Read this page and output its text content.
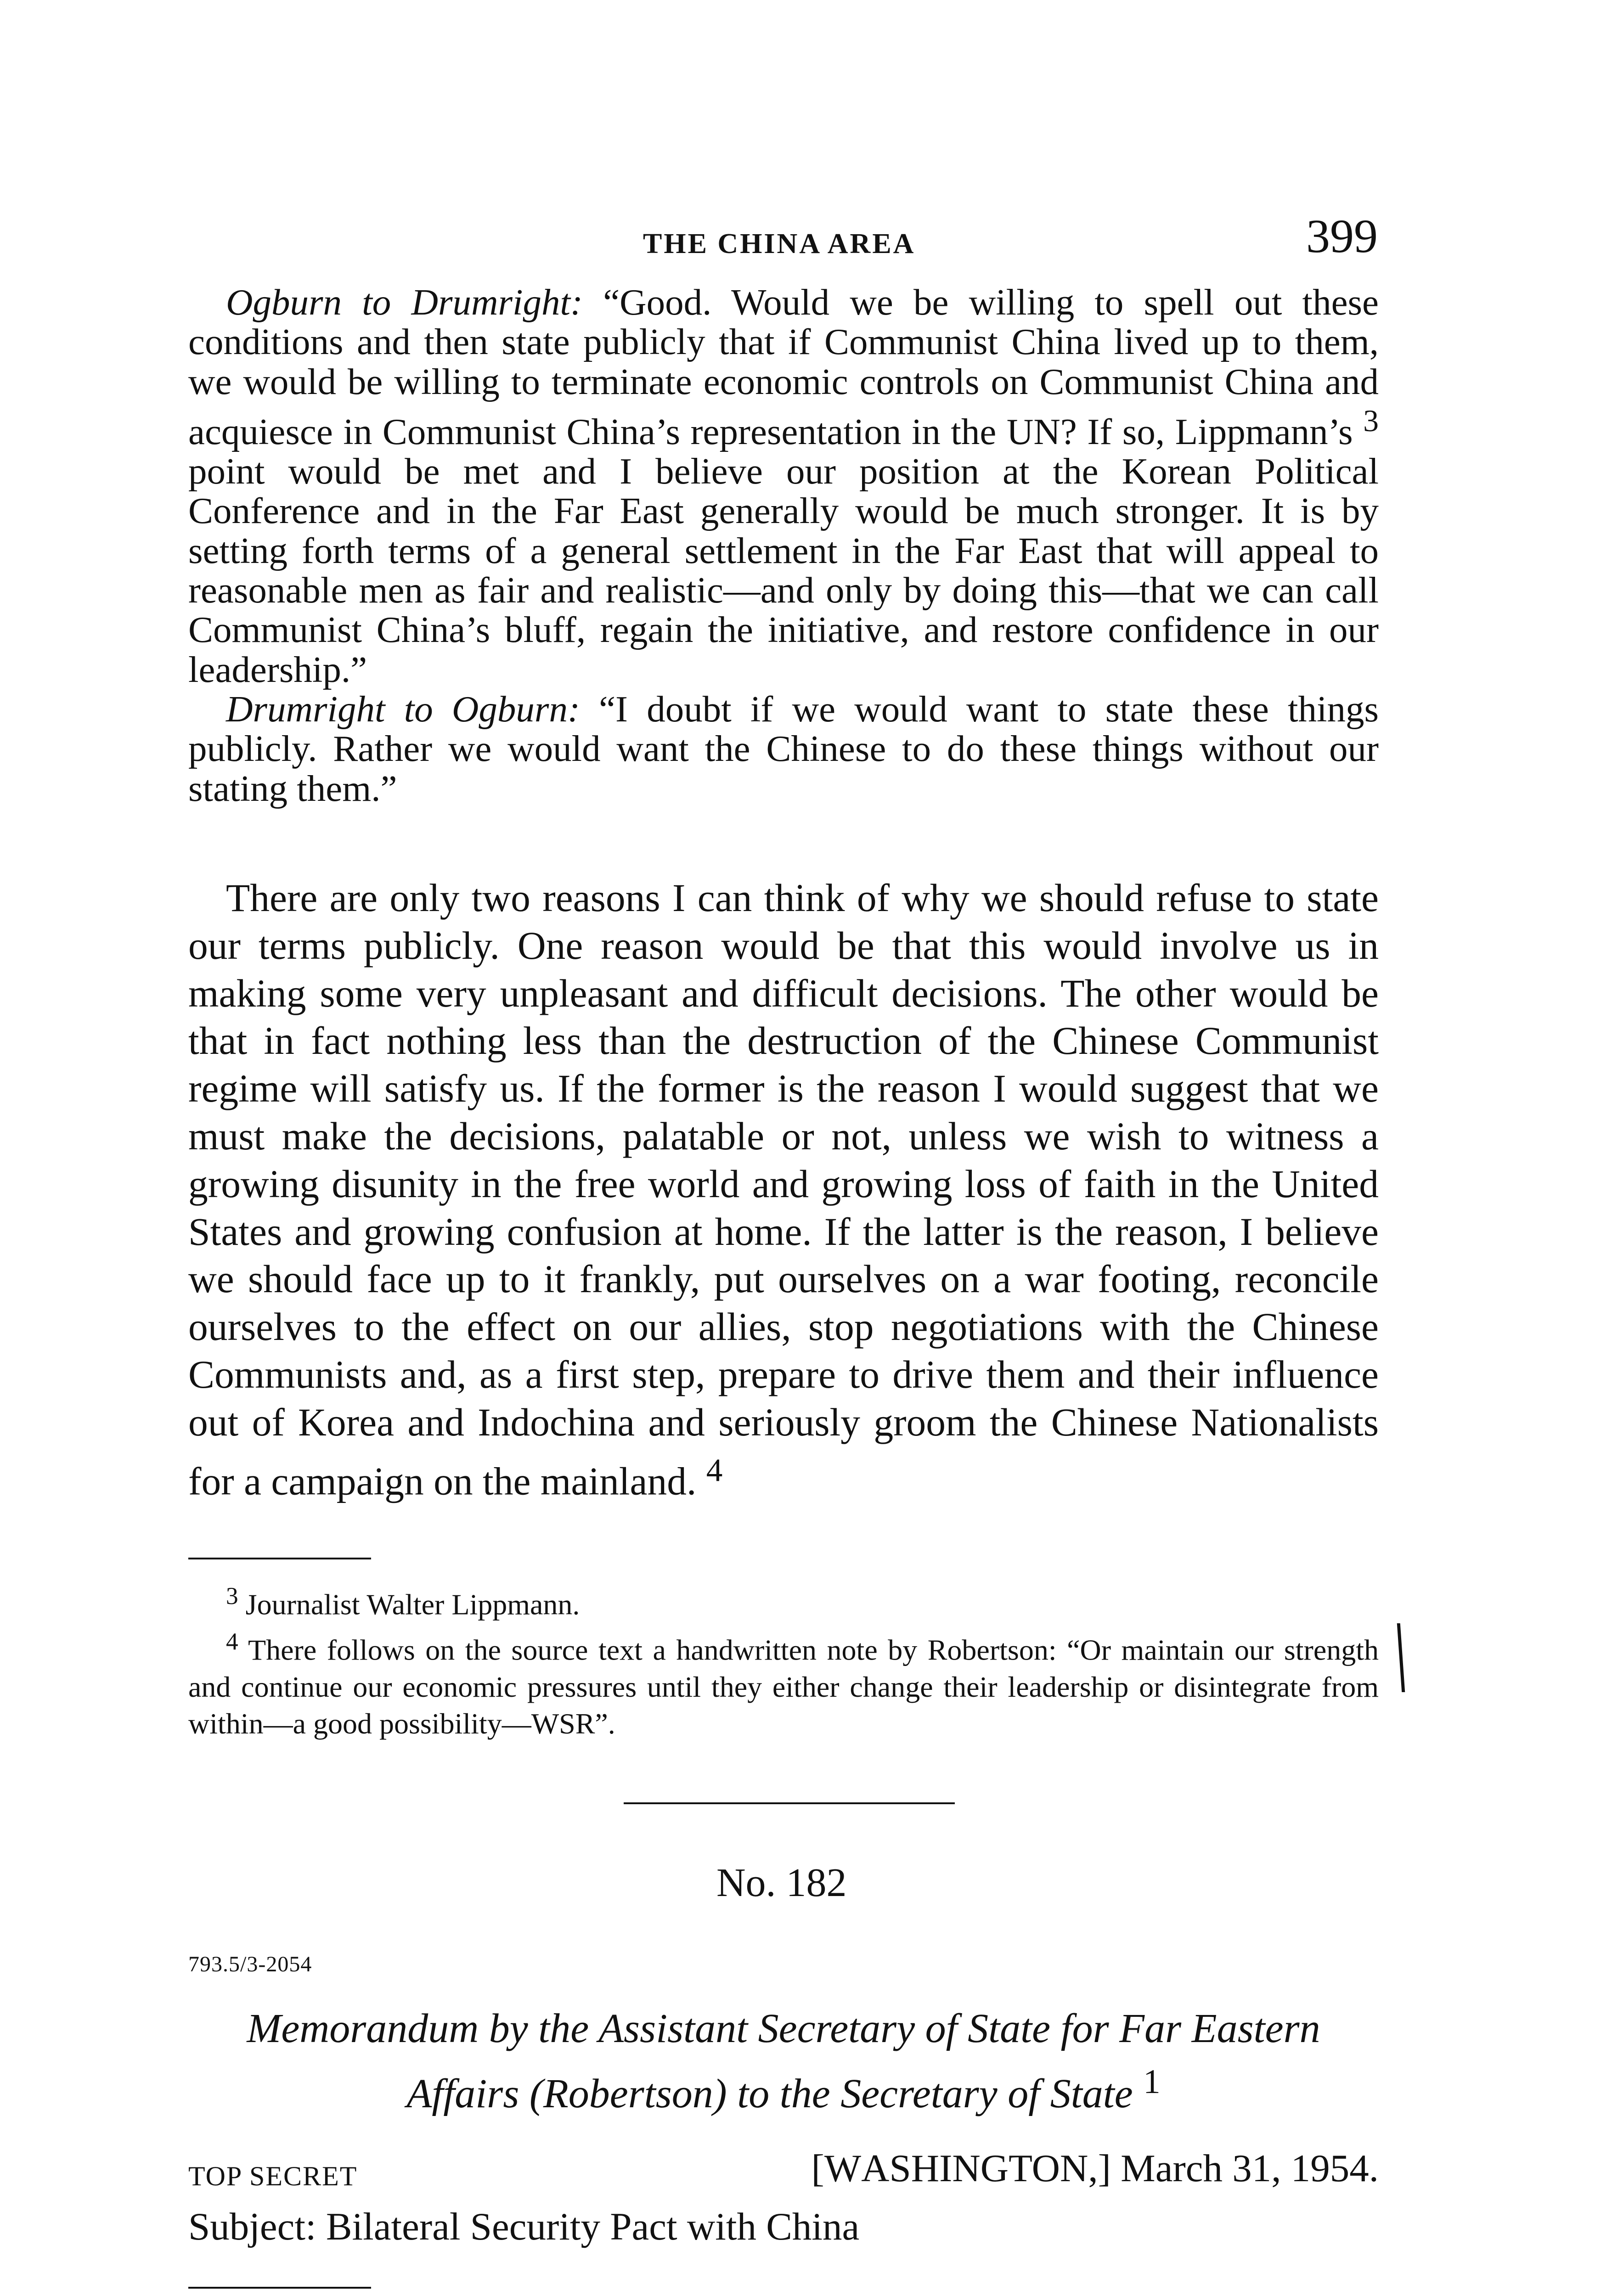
THE CHINA AREA	399

Ogburn to Drumright: “Good. Would we be willing to spell out these conditions and then state publicly that if Communist China lived up to them, we would be willing to terminate economic controls on Communist China and acquiesce in Communist China’s representation in the UN? If so, Lippmann’s $^3$ point would be met and I believe our position at the Korean Political Conference and in the Far East generally would be much stronger. It is by setting forth terms of a general settlement in the Far East that will appeal to reasonable men as fair and realistic—and only by doing this—that we can call Communist China’s bluff, regain the initiative, and restore confidence in our leadership.”

Drumright to Ogburn: “I doubt if we would want to state these things publicly. Rather we would want the Chinese to do these things without our stating them.”

There are only two reasons I can think of why we should refuse to state our terms publicly. One reason would be that this would involve us in making some very unpleasant and difficult decisions. The other would be that in fact nothing less than the destruction of the Chinese Communist regime will satisfy us. If the former is the reason I would suggest that we must make the decisions, palatable or not, unless we wish to witness a growing disunity in the free world and growing loss of faith in the United States and growing confusion at home. If the latter is the reason, I believe we should face up to it frankly, put ourselves on a war footing, reconcile ourselves to the effect on our allies, stop negotiations with the Chinese Communists and, as a first step, prepare to drive them and their influence out of Korea and Indochina and seriously groom the Chinese Nationalists for a campaign on the mainland. $^4$

$^3$ Journalist Walter Lippmann.

$^4$ There follows on the source text a handwritten note by Robertson: “Or maintain our strength and continue our economic pressures until they either change their leadership or disintegrate from within—a good possibility—WSR”.

No. 182
793.5/3-2054

Memorandum by the Assistant Secretary of State for Far Eastern

Affairs (Robertson) to the Secretary of State $^1$

TOP SECRET	[WASHINGTON,] March 31, 1954.
Subject: Bilateral Security Pact with China
